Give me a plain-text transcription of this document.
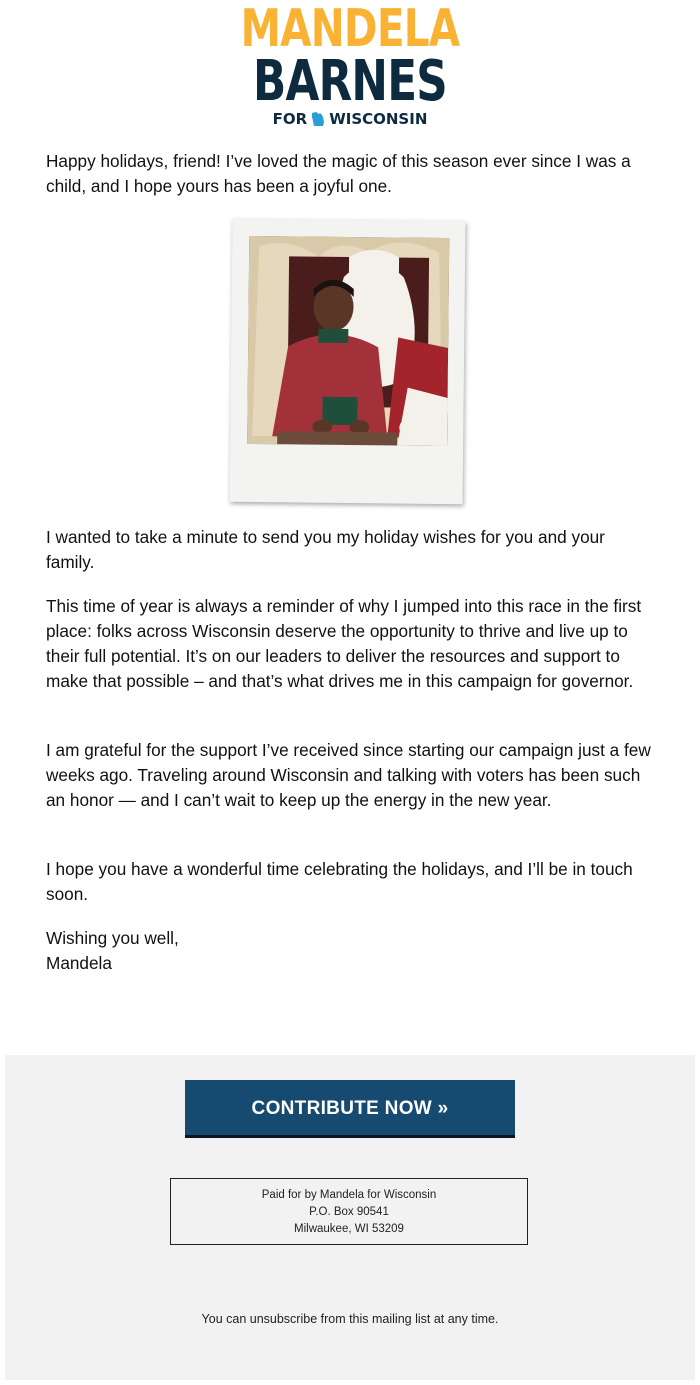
MANDELA
BARNES
FOR WISCONSIN

Happy holidays, friend! I’ve loved the magic of this season ever since I was a child, and I hope yours has been a joyful one.

I wanted to take a minute to send you my holiday wishes for you and your family.

This time of year is always a reminder of why I jumped into this race in the first place: folks across Wisconsin deserve the opportunity to thrive and live up to their full potential. It’s on our leaders to deliver the resources and support to make that possible – and that’s what drives me in this campaign for governor.

I am grateful for the support I’ve received since starting our campaign just a few weeks ago. Traveling around Wisconsin and talking with voters has been such an honor — and I can’t wait to keep up the energy in the new year.

I hope you have a wonderful time celebrating the holidays, and I’ll be in touch soon.

Wishing you well,

Mandela

CONTRIBUTE NOW »
Paid for by Mandela for Wisconsin
P.O. Box 90541
Milwaukee, WI 53209
You can unsubscribe from this mailing list at any time.
